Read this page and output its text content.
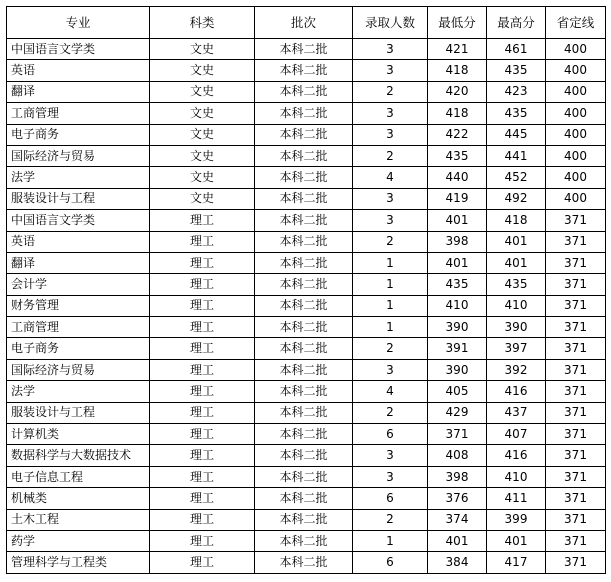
专业	科类	批次	录取人数	最低分	最高分	省定线
中国语言文学类	文史	本科二批	3	421	461	400
英语	文史	本科二批	3	418	435	400
翻译	文史	本科二批	2	420	423	400
工商管理	文史	本科二批	3	418	435	400
电子商务	文史	本科二批	3	422	445	400
国际经济与贸易	文史	本科二批	2	435	441	400
法学	文史	本科二批	4	440	452	400
服装设计与工程	文史	本科二批	3	419	492	400
中国语言文学类	理工	本科二批	3	401	418	371
英语	理工	本科二批	2	398	401	371
翻译	理工	本科二批	1	401	401	371
会计学	理工	本科二批	1	435	435	371
财务管理	理工	本科二批	1	410	410	371
工商管理	理工	本科二批	1	390	390	371
电子商务	理工	本科二批	2	391	397	371
国际经济与贸易	理工	本科二批	3	390	392	371
法学	理工	本科二批	4	405	416	371
服装设计与工程	理工	本科二批	2	429	437	371
计算机类	理工	本科二批	6	371	407	371
数据科学与大数据技术	理工	本科二批	3	408	416	371
电子信息工程	理工	本科二批	3	398	410	371
机械类	理工	本科二批	6	376	411	371
土木工程	理工	本科二批	2	374	399	371
药学	理工	本科二批	1	401	401	371
管理科学与工程类	理工	本科二批	6	384	417	371
